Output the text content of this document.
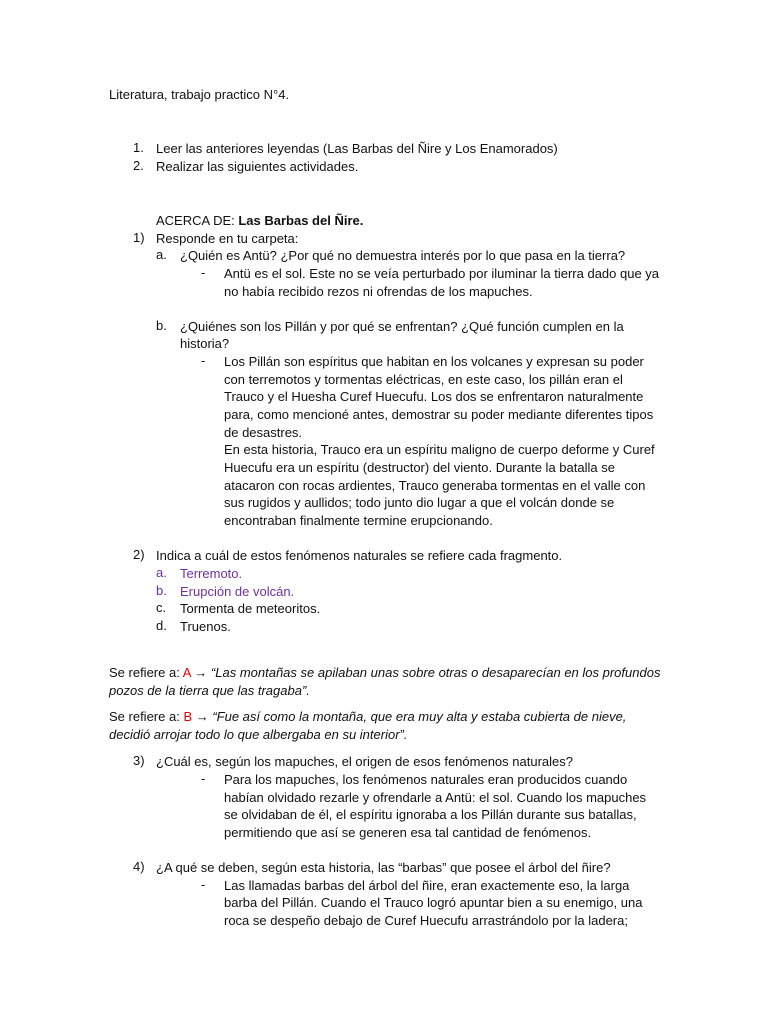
Literatura, trabajo practico N°4.
1. Leer las anteriores leyendas (Las Barbas del Ñire y Los Enamorados)
2. Realizar las siguientes actividades.
ACERCA DE: Las Barbas del Ñire.
1) Responde en tu carpeta:
a. ¿Quién es Antü? ¿Por qué no demuestra interés por lo que pasa en la tierra?
- Antü es el sol. Este no se veía perturbado por iluminar la tierra dado que ya
no había recibido rezos ni ofrendas de los mapuches.
b. ¿Quiénes son los Pillán y por qué se enfrentan? ¿Qué función cumplen en la
historia?
- Los Pillán son espíritus que habitan en los volcanes y expresan su poder
con terremotos y tormentas eléctricas, en este caso, los pillán eran el
Trauco y el Huesha Curef Huecufu. Los dos se enfrentaron naturalmente
para, como mencioné antes, demostrar su poder mediante diferentes tipos
de desastres.
En esta historia, Trauco era un espíritu maligno de cuerpo deforme y Curef
Huecufu era un espíritu (destructor) del viento. Durante la batalla se
atacaron con rocas ardientes, Trauco generaba tormentas en el valle con
sus rugidos y aullidos; todo junto dio lugar a que el volcán donde se
encontraban finalmente termine erupcionando.
2) Indica a cuál de estos fenómenos naturales se refiere cada fragmento.
a. Terremoto.
b. Erupción de volcán.
c. Tormenta de meteoritos.
d. Truenos.
Se refiere a: A → “Las montañas se apilaban unas sobre otras o desaparecían en los profundos
pozos de la tierra que las tragaba”.
Se refiere a: B → “Fue así como la montaña, que era muy alta y estaba cubierta de nieve,
decidió arrojar todo lo que albergaba en su interior”.
3) ¿Cuál es, según los mapuches, el origen de esos fenómenos naturales?
- Para los mapuches, los fenómenos naturales eran producidos cuando
habían olvidado rezarle y ofrendarle a Antü: el sol. Cuando los mapuches
se olvidaban de él, el espíritu ignoraba a los Pillán durante sus batallas,
permitiendo que así se generen esa tal cantidad de fenómenos.
4) ¿A qué se deben, según esta historia, las “barbas” que posee el árbol del ñire?
- Las llamadas barbas del árbol del ñire, eran exactemente eso, la larga
barba del Pillán. Cuando el Trauco logró apuntar bien a su enemigo, una
roca se despeño debajo de Curef Huecufu arrastrándolo por la ladera;
